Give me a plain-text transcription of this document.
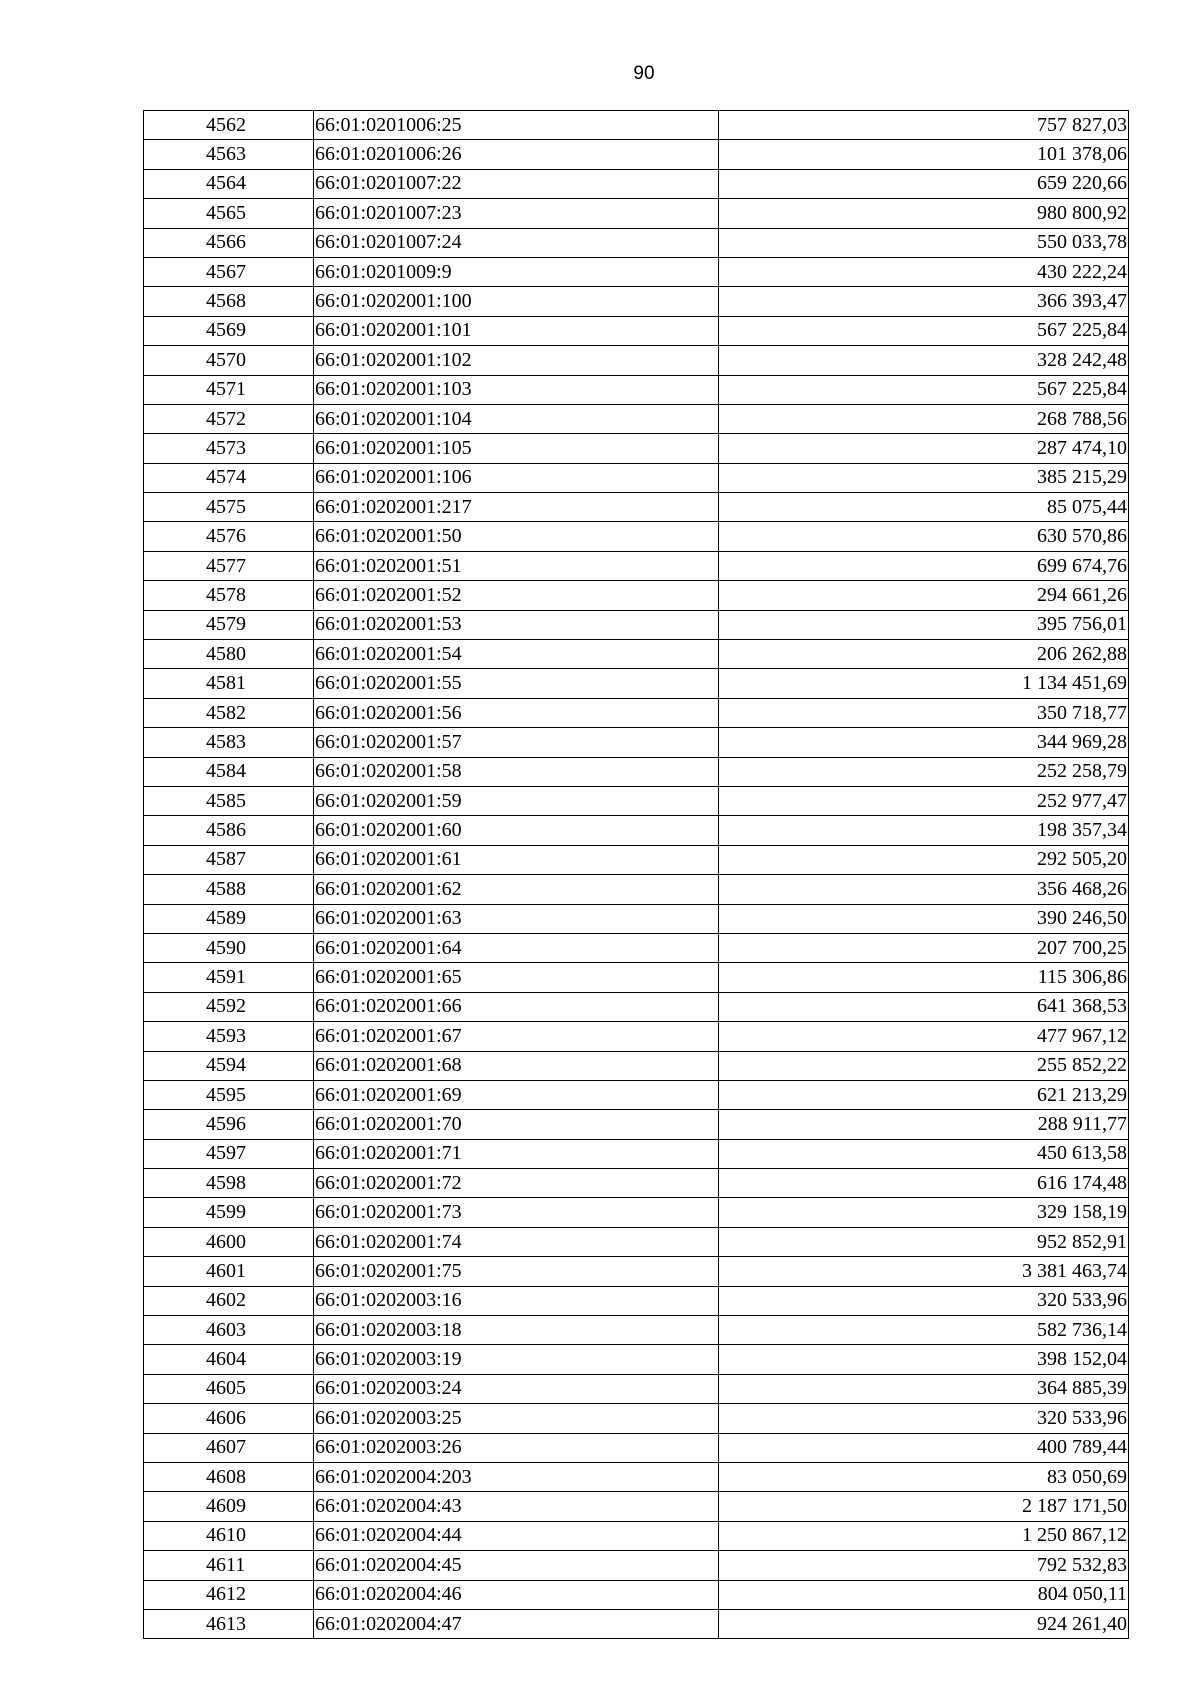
90
4562	66:01:0201006:25	757 827,03
4563	66:01:0201006:26	101 378,06
4564	66:01:0201007:22	659 220,66
4565	66:01:0201007:23	980 800,92
4566	66:01:0201007:24	550 033,78
4567	66:01:0201009:9	430 222,24
4568	66:01:0202001:100	366 393,47
4569	66:01:0202001:101	567 225,84
4570	66:01:0202001:102	328 242,48
4571	66:01:0202001:103	567 225,84
4572	66:01:0202001:104	268 788,56
4573	66:01:0202001:105	287 474,10
4574	66:01:0202001:106	385 215,29
4575	66:01:0202001:217	85 075,44
4576	66:01:0202001:50	630 570,86
4577	66:01:0202001:51	699 674,76
4578	66:01:0202001:52	294 661,26
4579	66:01:0202001:53	395 756,01
4580	66:01:0202001:54	206 262,88
4581	66:01:0202001:55	1 134 451,69
4582	66:01:0202001:56	350 718,77
4583	66:01:0202001:57	344 969,28
4584	66:01:0202001:58	252 258,79
4585	66:01:0202001:59	252 977,47
4586	66:01:0202001:60	198 357,34
4587	66:01:0202001:61	292 505,20
4588	66:01:0202001:62	356 468,26
4589	66:01:0202001:63	390 246,50
4590	66:01:0202001:64	207 700,25
4591	66:01:0202001:65	115 306,86
4592	66:01:0202001:66	641 368,53
4593	66:01:0202001:67	477 967,12
4594	66:01:0202001:68	255 852,22
4595	66:01:0202001:69	621 213,29
4596	66:01:0202001:70	288 911,77
4597	66:01:0202001:71	450 613,58
4598	66:01:0202001:72	616 174,48
4599	66:01:0202001:73	329 158,19
4600	66:01:0202001:74	952 852,91
4601	66:01:0202001:75	3 381 463,74
4602	66:01:0202003:16	320 533,96
4603	66:01:0202003:18	582 736,14
4604	66:01:0202003:19	398 152,04
4605	66:01:0202003:24	364 885,39
4606	66:01:0202003:25	320 533,96
4607	66:01:0202003:26	400 789,44
4608	66:01:0202004:203	83 050,69
4609	66:01:0202004:43	2 187 171,50
4610	66:01:0202004:44	1 250 867,12
4611	66:01:0202004:45	792 532,83
4612	66:01:0202004:46	804 050,11
4613	66:01:0202004:47	924 261,40
